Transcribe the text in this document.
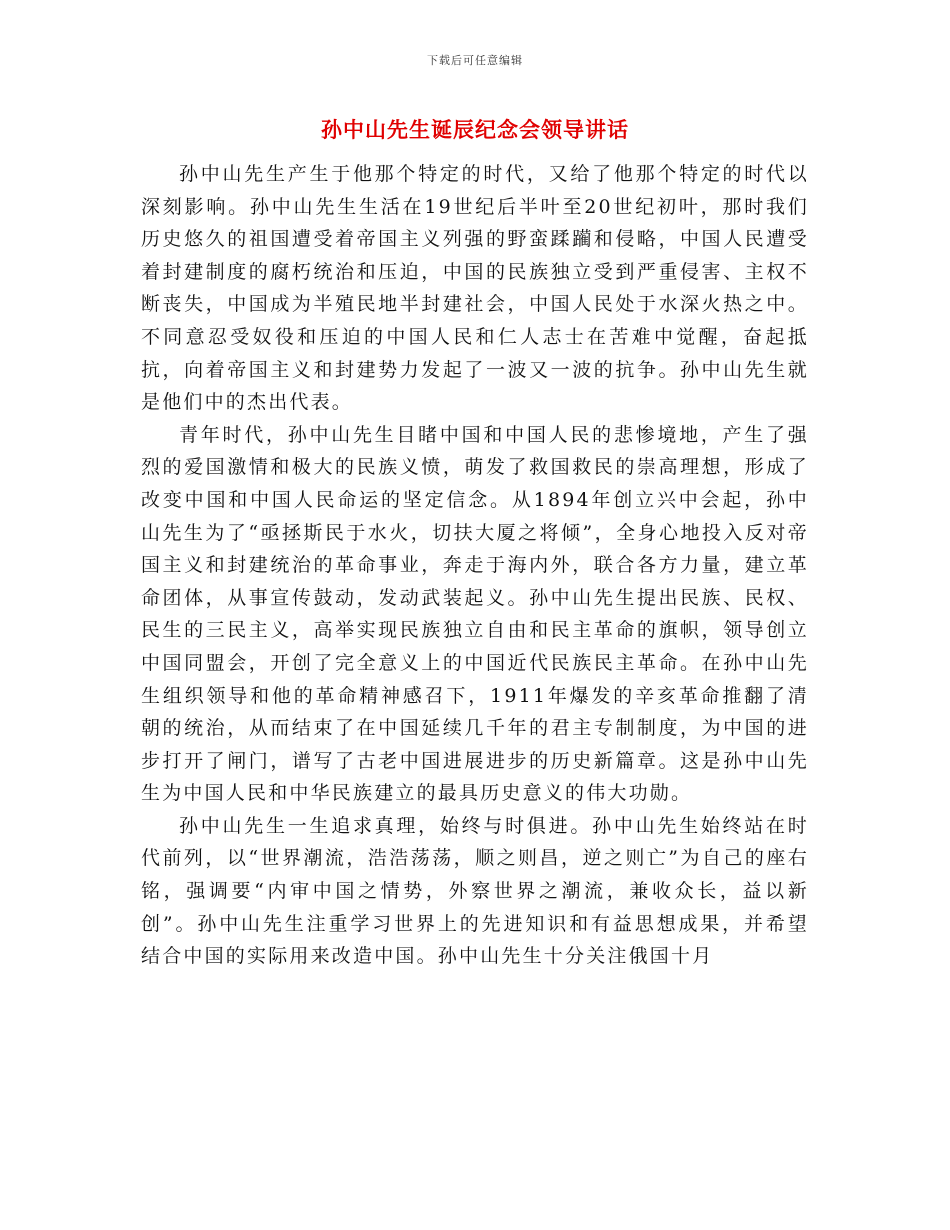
下载后可任意编辑
孙中山先生诞辰纪念会领导讲话

孙中山先生产生于他那个特定的时代，又给了他那个特定的时代以深刻影响。孙中山先生生活在19世纪后半叶至20世纪初叶，那时我们历史悠久的祖国遭受着帝国主义列强的野蛮蹂躏和侵略，中国人民遭受着封建制度的腐朽统治和压迫，中国的民族独立受到严重侵害、主权不断丧失，中国成为半殖民地半封建社会，中国人民处于水深火热之中。不同意忍受奴役和压迫的中国人民和仁人志士在苦难中觉醒，奋起抵抗，向着帝国主义和封建势力发起了一波又一波的抗争。孙中山先生就是他们中的杰出代表。

青年时代，孙中山先生目睹中国和中国人民的悲惨境地，产生了强烈的爱国激情和极大的民族义愤，萌发了救国救民的崇高理想，形成了改变中国和中国人民命运的坚定信念。从1894年创立兴中会起，孙中山先生为了“亟拯斯民于水火，切扶大厦之将倾”，全身心地投入反对帝国主义和封建统治的革命事业，奔走于海内外，联合各方力量，建立革命团体，从事宣传鼓动，发动武装起义。孙中山先生提出民族、民权、民生的三民主义，高举实现民族独立自由和民主革命的旗帜，领导创立中国同盟会，开创了完全意义上的中国近代民族民主革命。在孙中山先生组织领导和他的革命精神感召下，1911年爆发的辛亥革命推翻了清朝的统治，从而结束了在中国延续几千年的君主专制制度，为中国的进步打开了闸门，谱写了古老中国进展进步的历史新篇章。这是孙中山先生为中国人民和中华民族建立的最具历史意义的伟大功勋。

孙中山先生一生追求真理，始终与时俱进。孙中山先生始终站在时代前列，以“世界潮流，浩浩荡荡，顺之则昌，逆之则亡”为自己的座右铭，强调要“内审中国之情势，外察世界之潮流，兼收众长，益以新创”。孙中山先生注重学习世界上的先进知识和有益思想成果，并希望结合中国的实际用来改造中国。孙中山先生十分关注俄国十月
